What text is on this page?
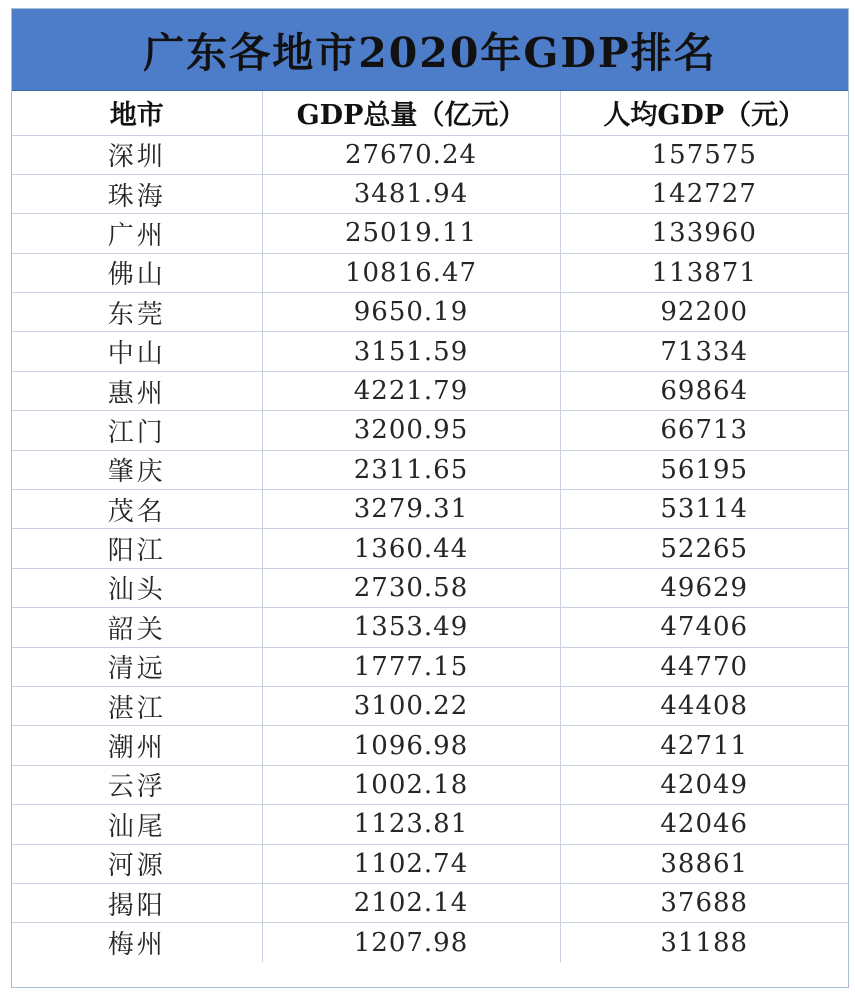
广东各地市2020年GDP排名
地市	GDP总量（亿元）	人均GDP（元）
深圳	27670.24	157575
珠海	3481.94	142727
广州	25019.11	133960
佛山	10816.47	113871
东莞	9650.19	92200
中山	3151.59	71334
惠州	4221.79	69864
江门	3200.95	66713
肇庆	2311.65	56195
茂名	3279.31	53114
阳江	1360.44	52265
汕头	2730.58	49629
韶关	1353.49	47406
清远	1777.15	44770
湛江	3100.22	44408
潮州	1096.98	42711
云浮	1002.18	42049
汕尾	1123.81	42046
河源	1102.74	38861
揭阳	2102.14	37688
梅州	1207.98	31188
